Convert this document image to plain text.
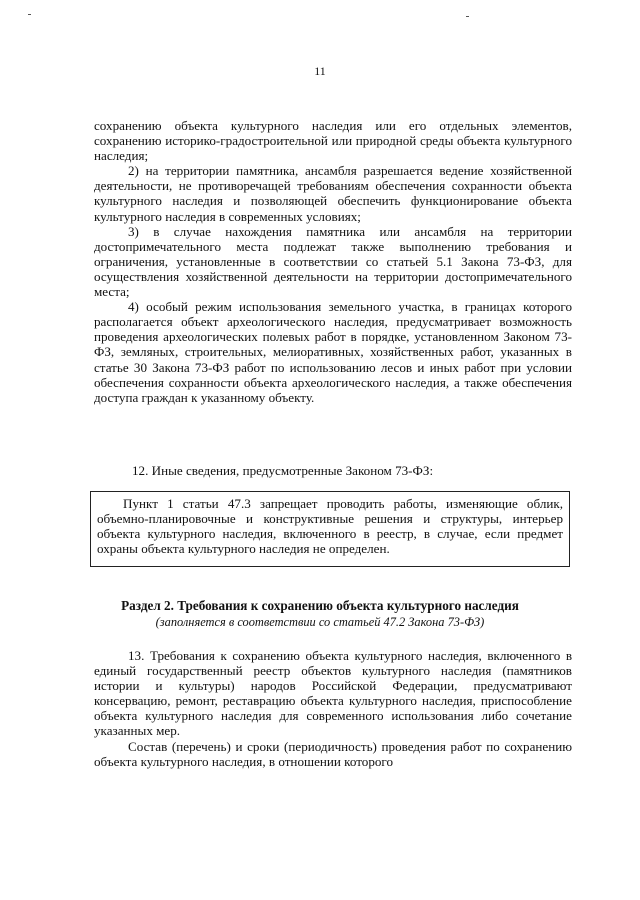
11

сохранению объекта культурного наследия или его отдельных элементов, сохранению историко-градостроительной или природной среды объекта культурного наследия;

2) на территории памятника, ансамбля разрешается ведение хозяйственной деятельности, не противоречащей требованиям обеспечения сохранности объекта культурного наследия и позволяющей обеспечить функционирование объекта культурного наследия в современных условиях;

3) в случае нахождения памятника или ансамбля на территории достопримечательного места подлежат также выполнению требования и ограничения, установленные в соответствии со статьей 5.1 Закона 73-ФЗ, для осуществления хозяйственной деятельности на территории достопримечательного места;

4) особый режим использования земельного участка, в границах которого располагается объект археологического наследия, предусматривает возможность проведения археологических полевых работ в порядке, установленном Законом 73-ФЗ, земляных, строительных, мелиоративных, хозяйственных работ, указанных в статье 30 Закона 73-ФЗ работ по использованию лесов и иных работ при условии обеспечения сохранности объекта археологического наследия, а также обеспечения доступа граждан к указанному объекту.

12. Иные сведения, предусмотренные Законом 73-ФЗ:

Пункт 1 статьи 47.3 запрещает проводить работы, изменяющие облик, объемно-планировочные и конструктивные решения и структуры, интерьер объекта культурного наследия, включенного в реестр, в случае, если предмет охраны объекта культурного наследия не определен.

Раздел 2. Требования к сохранению объекта культурного наследия
(заполняется в соответствии со статьей 47.2 Закона 73-ФЗ)

13. Требования к сохранению объекта культурного наследия, включенного в единый государственный реестр объектов культурного наследия (памятников истории и культуры) народов Российской Федерации, предусматривают консервацию, ремонт, реставрацию объекта культурного наследия, приспособление объекта культурного наследия для современного использования либо сочетание указанных мер.

Состав (перечень) и сроки (периодичность) проведения работ по сохранению объекта культурного наследия, в отношении которого
